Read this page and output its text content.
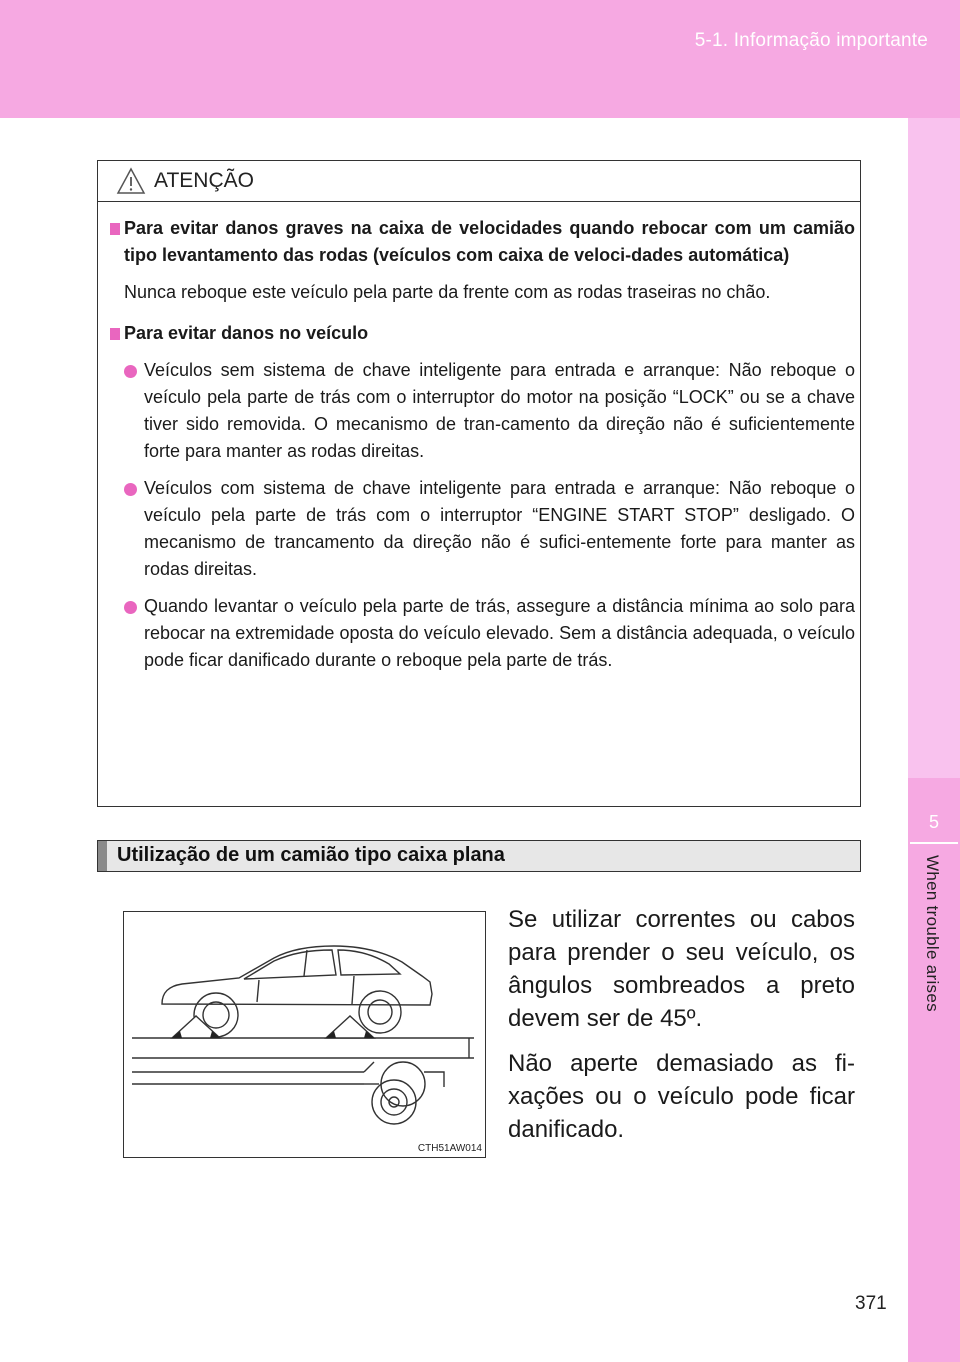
5-1. Informação importante
5
When trouble arises
ATENÇÃO
Para evitar danos graves na caixa de velocidades quando rebocar com um camião tipo levantamento das rodas (veículos com caixa de veloci-dades automática)
Nunca reboque este veículo pela parte da frente com as rodas traseiras no chão.
Para evitar danos no veículo
Veículos sem sistema de chave inteligente para entrada e arranque: Não reboque o veículo pela parte de trás com o interruptor do motor na posição “LOCK” ou se a chave tiver sido removida. O mecanismo de tran-camento da direção não é suficientemente forte para manter as rodas direitas.
Veículos com sistema de chave inteligente para entrada e arranque: Não reboque o veículo pela parte de trás com o interruptor “ENGINE START STOP” desligado. O mecanismo de trancamento da direção não é sufici-entemente forte para manter as rodas direitas.
Quando levantar o veículo pela parte de trás, assegure a distância mínima ao solo para rebocar na extremidade oposta do veículo elevado. Sem a distância adequada, o veículo pode ficar danificado durante o reboque pela parte de trás.
Utilização de um camião tipo caixa plana
CTH51AW014

Se utilizar correntes ou cabos para prender o seu veículo, os ângulos sombreados a preto devem ser de 45º.

Não aperte demasiado as fi-xações ou o veículo pode ficar danificado.

371
